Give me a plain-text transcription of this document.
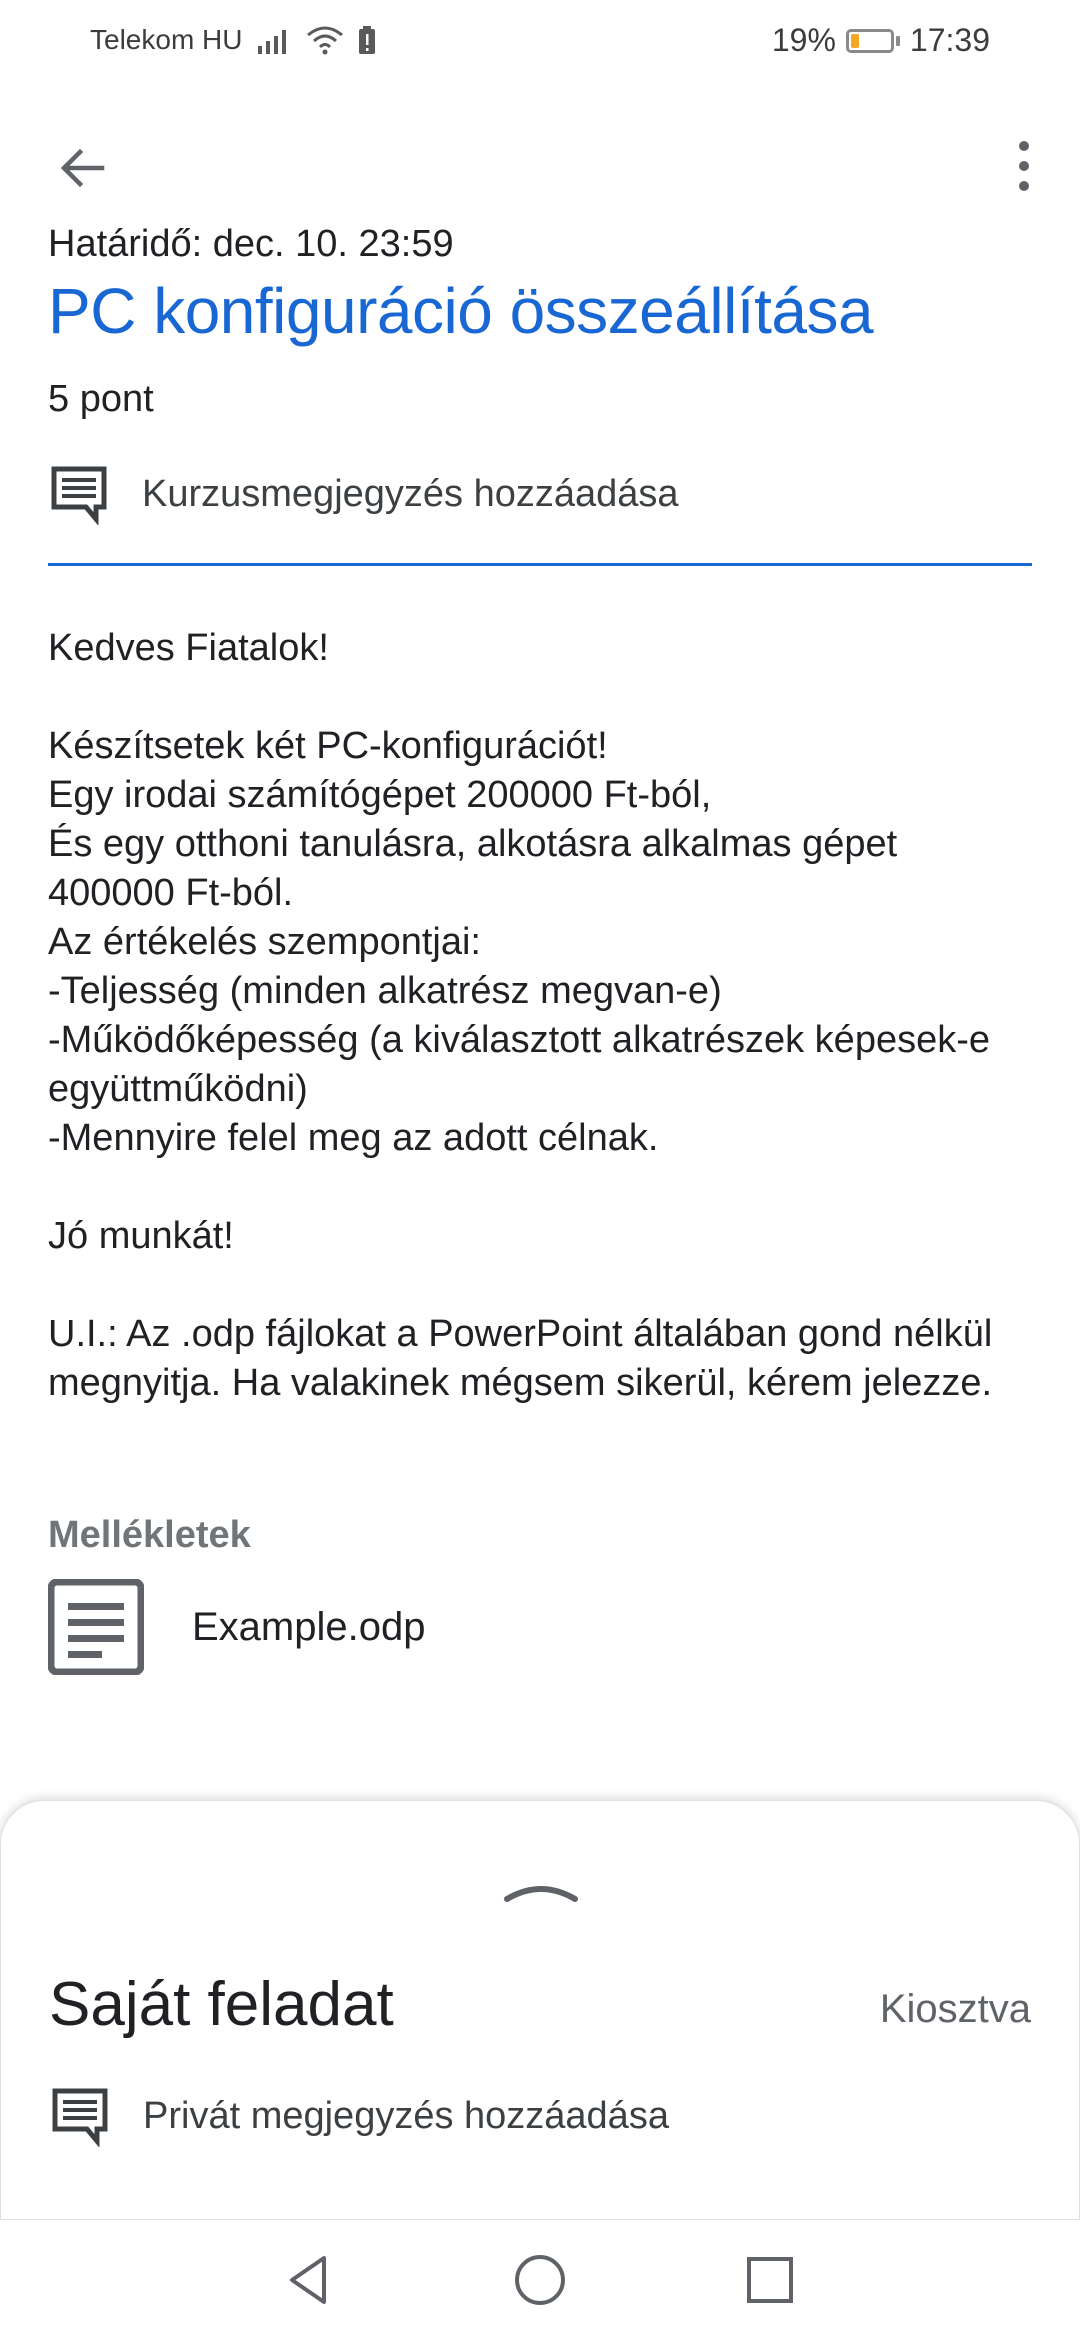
Telekom HU	19% 17:39
Határidő: dec. 10. 23:59
PC konfiguráció összeállítása
5 pont
Kurzusmegjegyzés hozzáadása
Kedves Fiatalok!

Készítsetek két PC-konfigurációt!
Egy irodai számítógépet 200000 Ft-ból,
És egy otthoni tanulásra, alkotásra alkalmas gépet 400000 Ft-ból.
Az értékelés szempontjai:
-Teljesség (minden alkatrész megvan-e)
-Működőképesség (a kiválasztott alkatrészek képesek-e együttműködni)
-Mennyire felel meg az adott célnak.

Jó munkát!

U.I.: Az .odp fájlokat a PowerPoint általában gond nélkül megnyitja. Ha valakinek mégsem sikerül, kérem jelezze.
Mellékletek
Example.odp
Saját feladat	Kiosztva
Privát megjegyzés hozzáadása
